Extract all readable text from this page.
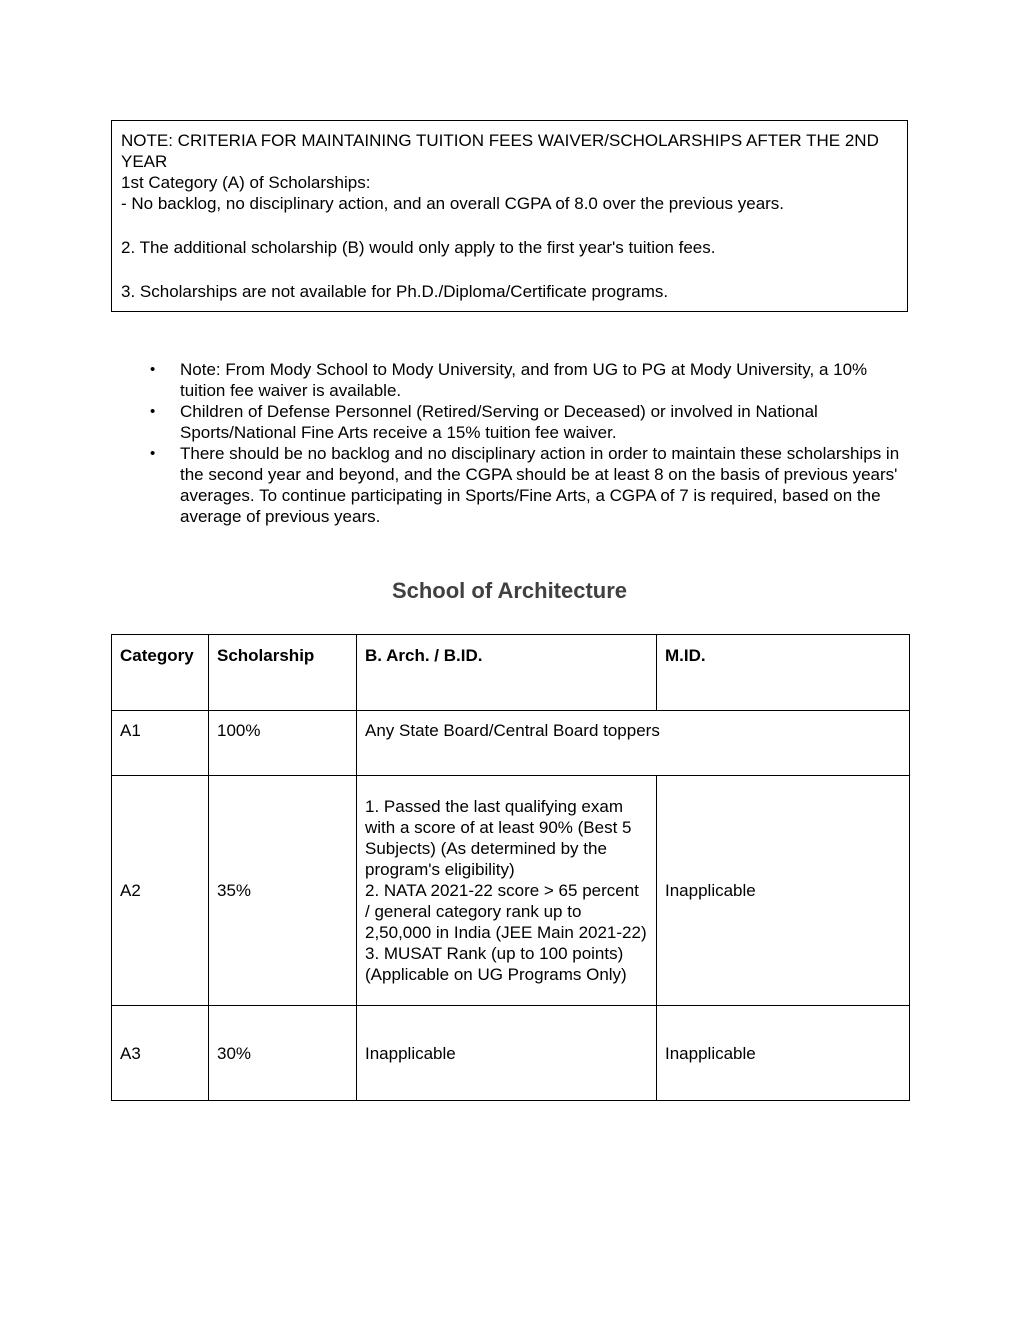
NOTE: CRITERIA FOR MAINTAINING TUITION FEES WAIVER/SCHOLARSHIPS AFTER THE 2ND YEAR

1st Category (A) of Scholarships:

- No backlog, no disciplinary action, and an overall CGPA of 8.0 over the previous years.

2. The additional scholarship (B) would only apply to the first year's tuition fees.

3. Scholarships are not available for Ph.D./Diploma/Certificate programs.

• Note: From Mody School to Mody University, and from UG to PG at Mody University, a 10% tuition fee waiver is available.
• Children of Defense Personnel (Retired/Serving or Deceased) or involved in National Sports/National Fine Arts receive a 15% tuition fee waiver.
• There should be no backlog and no disciplinary action in order to maintain these scholarships in the second year and beyond, and the CGPA should be at least 8 on the basis of previous years' averages. To continue participating in Sports/Fine Arts, a CGPA of 7 is required, based on the average of previous years.
School of Architecture
Category	Scholarship	B. Arch. / B.ID.	M.ID.
A1	100%	Any State Board/Central Board toppers	
A2	35%	1. Passed the last qualifying exam with a score of at least 90% (Best 5 Subjects) (As determined by the program's eligibility)
2. NATA 2021-22 score > 65 percent / general category rank up to 2,50,000 in India (JEE Main 2021-22)
3. MUSAT Rank (up to 100 points) (Applicable on UG Programs Only)	Inapplicable
A3	30%	Inapplicable	Inapplicable
